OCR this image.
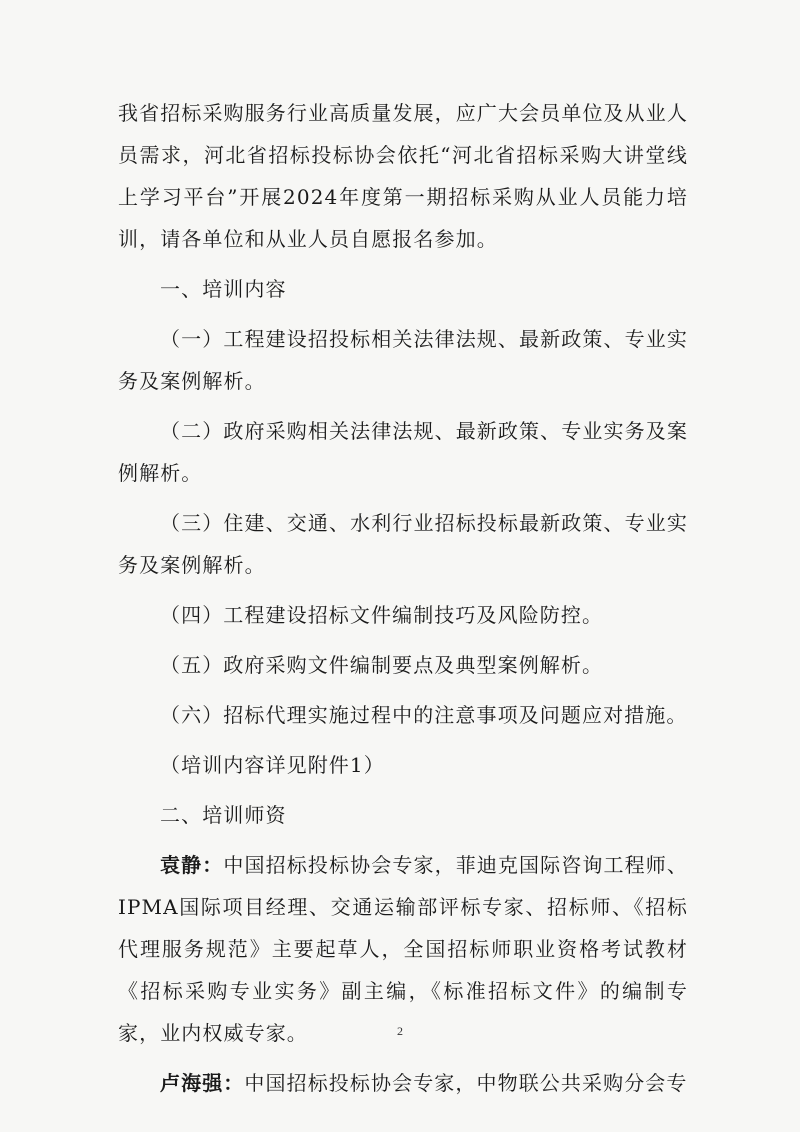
我省招标采购服务行业高质量发展，应广大会员单位及从业人员需求，河北省招标投标协会依托“河北省招标采购大讲堂线上学习平台”开展2024年度第一期招标采购从业人员能力培训，请各单位和从业人员自愿报名参加。

一、培训内容

（一）工程建设招投标相关法律法规、最新政策、专业实务及案例解析。

（二）政府采购相关法律法规、最新政策、专业实务及案例解析。

（三）住建、交通、水利行业招标投标最新政策、专业实务及案例解析。

（四）工程建设招标文件编制技巧及风险防控。

（五）政府采购文件编制要点及典型案例解析。

（六）招标代理实施过程中的注意事项及问题应对措施。

（培训内容详见附件1）

二、培训师资

袁静：中国招标投标协会专家，菲迪克国际咨询工程师、IPMA国际项目经理、交通运输部评标专家、招标师、《招标代理服务规范》主要起草人，全国招标师职业资格考试教材《招标采购专业实务》副主编，《标准招标文件》的编制专家，业内权威专家。

卢海强：中国招标投标协会专家，中物联公共采购分会专

2
